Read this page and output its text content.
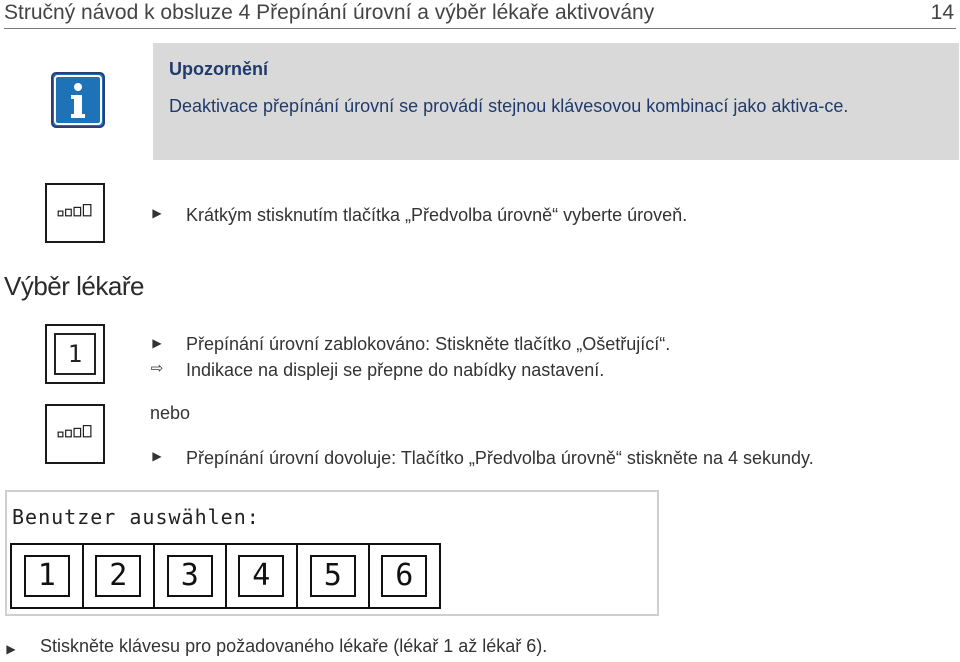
Stručný návod k obsluze 4 Přepínání úrovní a výběr lékaře aktivovány	14
Upozornění
Deaktivace přepínání úrovní se provádí stejnou klávesovou kombinací jako aktiva-ce.
▶ Krátkým stisknutím tlačítka „Předvolba úrovně“ vyberte úroveň.
Výběr lékaře
1	▶ Přepínání úrovní zablokováno: Stiskněte tlačítko „Ošetřující“.
⇨ Indikace na displeji se přepne do nabídky nastavení.
nebo
▶ Přepínání úrovní dovoluje: Tlačítko „Předvolba úrovně“ stiskněte na 4 sekundy.
Benutzer auswählen:
1	2	3	4	5	6
▶ Stiskněte klávesu pro požadovaného lékaře (lékař 1 až lékař 6).
